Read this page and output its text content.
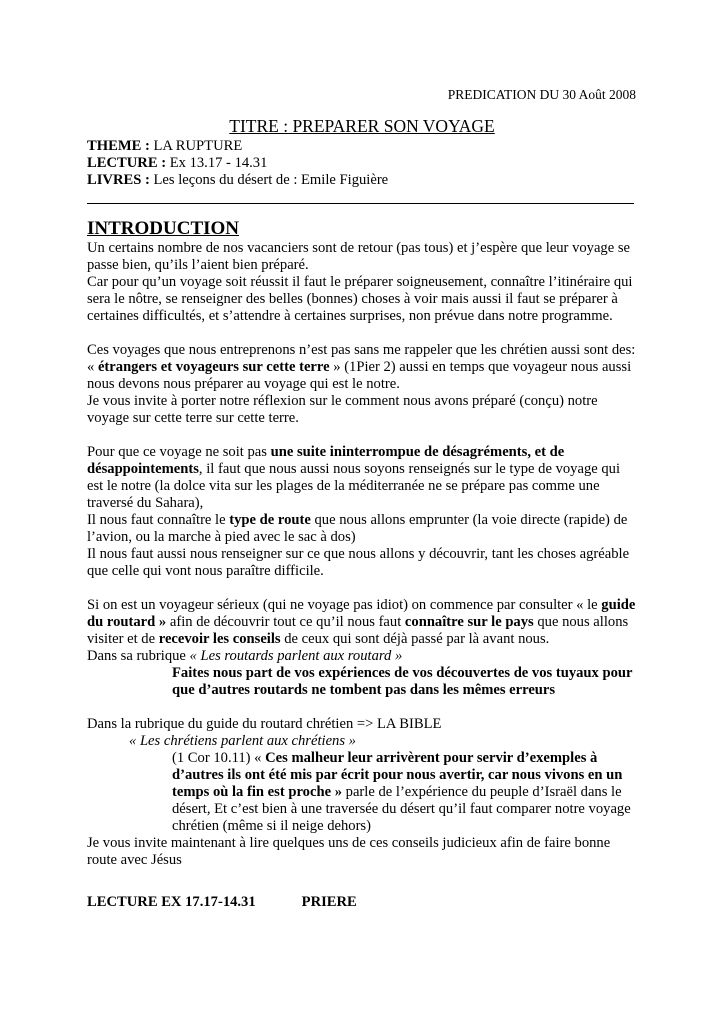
PREDICATION DU 30 Août 2008
TITRE : PREPARER SON VOYAGE
THEME : LA RUPTURE
LECTURE : Ex 13.17 - 14.31
LIVRES : Les leçons du désert de : Emile Figuière
INTRODUCTION

Un certains nombre de nos vacanciers sont de retour (pas tous) et j’espère que leur voyage se passe bien, qu’ils l’aient bien préparé.

Car pour qu’un voyage soit réussit il faut le préparer soigneusement, connaître l’itinéraire qui sera le nôtre, se renseigner des belles (bonnes) choses à voir mais aussi il faut se préparer à certaines difficultés, et s’attendre à certaines surprises, non prévue dans notre programme.

Ces voyages que nous entreprenons n’est pas sans me rappeler que les chrétien aussi sont des: « étrangers et voyageurs sur cette terre » (1Pier 2) aussi en temps que voyageur nous aussi nous devons nous préparer au voyage qui est le notre.

Je vous invite à porter notre réflexion sur le comment nous avons préparé (conçu) notre voyage sur cette terre sur cette terre.

Pour que ce voyage ne soit pas une suite ininterrompue de désagréments, et de désappointements, il faut que nous aussi nous soyons renseignés sur le type de voyage qui est le notre (la dolce vita sur les plages de la méditerranée ne se prépare pas comme une traversé du Sahara),

Il nous faut connaître le type de route que nous allons emprunter (la voie directe (rapide) de l’avion, ou la marche à pied avec le sac à dos)

Il nous faut aussi nous renseigner sur ce que nous allons y découvrir, tant les choses agréable que celle qui vont nous paraître difficile.

Si on est un voyageur sérieux (qui ne voyage pas idiot) on commence par consulter « le guide du routard » afin de découvrir tout ce qu’il nous faut connaître sur le pays que nous allons visiter et de recevoir les conseils de ceux qui sont déjà passé par là avant nous.

Dans sa rubrique « Les routards parlent aux routard »

Faites nous part de vos expériences de vos découvertes de vos tuyaux pour que d’autres routards ne tombent pas dans les mêmes erreurs

Dans la rubrique du guide du routard chrétien => LA BIBLE

« Les chrétiens parlent aux chrétiens »

(1 Cor 10.11) « Ces malheur leur arrivèrent pour servir d’exemples à d’autres ils ont été mis par écrit pour nous avertir, car nous vivons en un temps où la fin est proche » parle de l’expérience du peuple d’Israël dans le désert, Et c’est bien à une traversée du désert qu’il faut comparer notre voyage chrétien (même si il neige dehors)

Je vous invite maintenant à lire quelques uns de ces conseils judicieux afin de faire bonne route avec Jésus

LECTURE EX 17.17-14.31	PRIERE
